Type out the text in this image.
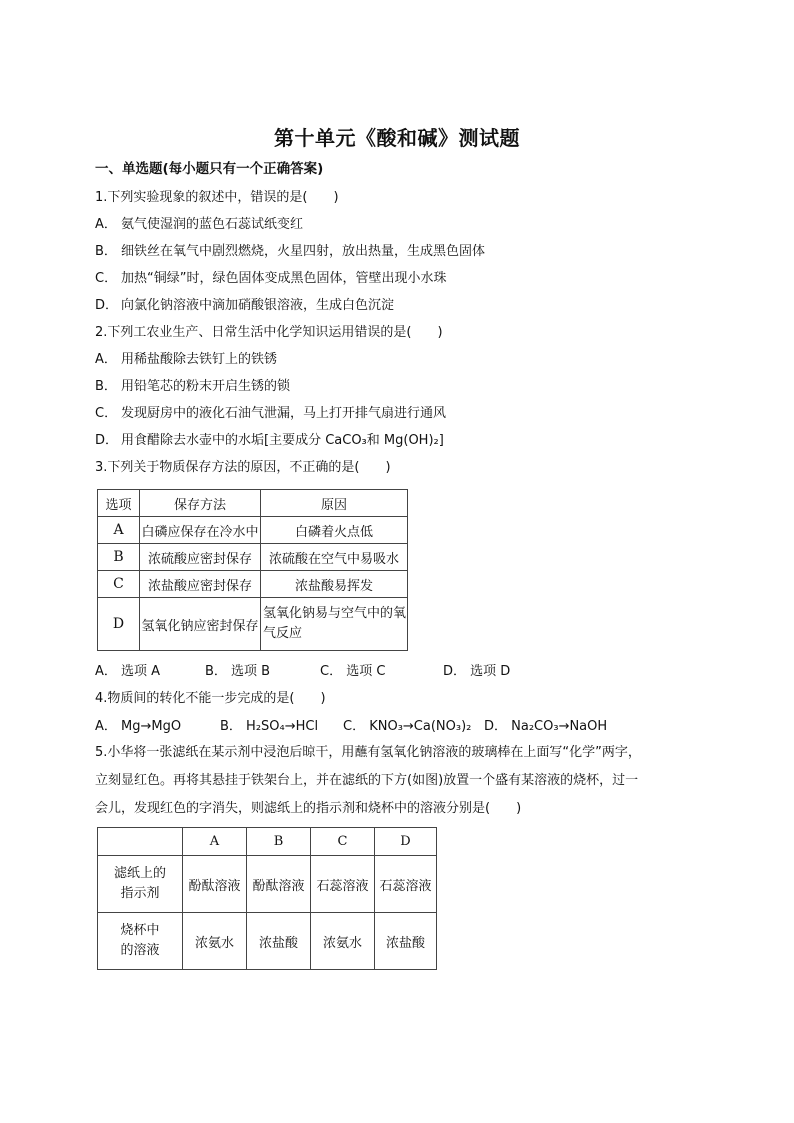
第十单元《酸和碱》测试题
一、单选题(每小题只有一个正确答案)
1.下列实验现象的叙述中，错误的是(　　)
A． 氨气使湿润的蓝色石蕊试纸变红
B． 细铁丝在氧气中剧烈燃烧，火星四射，放出热量，生成黑色固体
C． 加热“铜绿”时，绿色固体变成黑色固体，管壁出现小水珠
D． 向氯化钠溶液中滴加硝酸银溶液，生成白色沉淀
2.下列工农业生产、日常生活中化学知识运用错误的是(　　)
A． 用稀盐酸除去铁钉上的铁锈
B． 用铅笔芯的粉末开启生锈的锁
C． 发现厨房中的液化石油气泄漏，马上打开排气扇进行通风
D． 用食醋除去水壶中的水垢[主要成分 CaCO₃和 Mg(OH)₂]
3.下列关于物质保存方法的原因，不正确的是(　　)
选项	保存方法	原因
A	白磷应保存在冷水中	白磷着火点低
B	浓硫酸应密封保存	浓硫酸在空气中易吸水
C	浓盐酸应密封保存	浓盐酸易挥发
D	氢氧化钠应密封保存	氢氧化钠易与空气中的氧气反应
A． 选项 A	B． 选项 B	C． 选项 C	D． 选项 D
4.物质间的转化不能一步完成的是(　　)
A． Mg→MgO	B． H₂SO₄→HCl C． KNO₃→Ca(NO₃)₂ D． Na₂CO₃→NaOH
5.小华将一张滤纸在某示剂中浸泡后晾干，用蘸有氢氧化钠溶液的玻璃棒在上面写“化学”两字，
立刻显红色。再将其悬挂于铁架台上，并在滤纸的下方(如图)放置一个盛有某溶液的烧杯，过一
会儿，发现红色的字消失，则滤纸上的指示剂和烧杯中的溶液分别是(　　)
	A	B	C	D
滤纸上的指示剂	酚酞溶液	酚酞溶液	石蕊溶液	石蕊溶液
烧杯中的溶液	浓氨水	浓盐酸	浓氨水	浓盐酸
